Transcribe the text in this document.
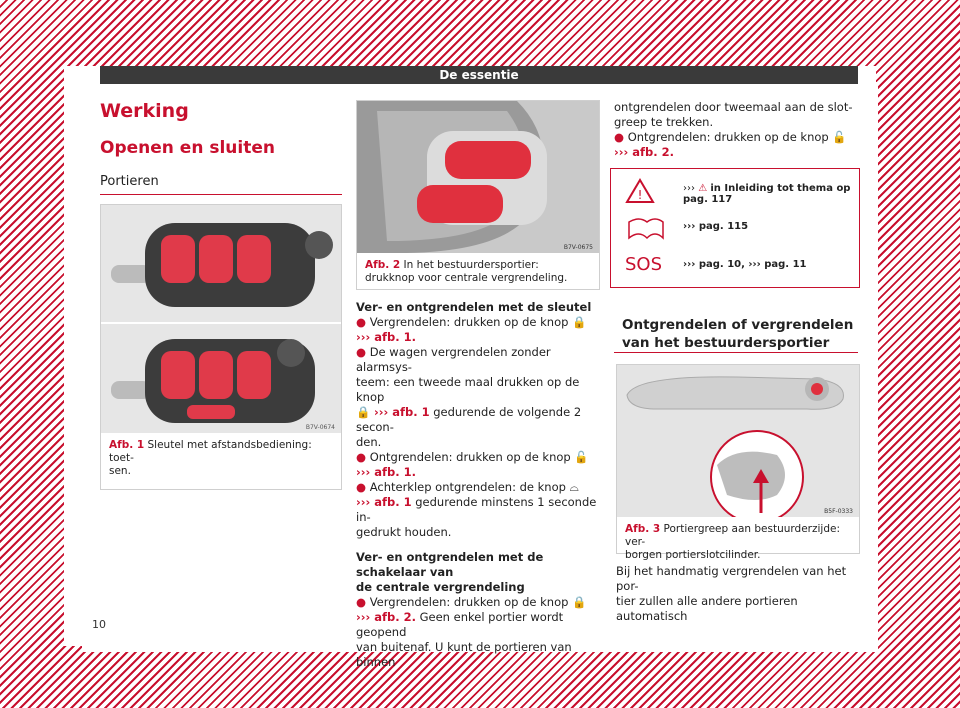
De essentie
Werking
Openen en sluiten
Portieren
B7V-0674
Afb. 1 Sleutel met afstandsbediening: toet-
sen.
10
B7V-0675
Afb. 2 In het bestuurdersportier: drukknop voor centrale vergrendeling.
Ver- en ontgrendelen met de sleutel
● Vergrendelen: drukken op de knop 🔒
››› afb. 1.
● De wagen vergrendelen zonder alarmsys-
teem: een tweede maal drukken op de knop
🔒 ››› afb. 1 gedurende de volgende 2 secon-
den.
● Ontgrendelen: drukken op de knop 🔓
››› afb. 1.
● Achterklep ontgrendelen: de knop ⌓
››› afb. 1 gedurende minstens 1 seconde in-
gedrukt houden.
Ver- en ontgrendelen met de schakelaar van
de centrale vergrendeling
● Vergrendelen: drukken op de knop 🔒
››› afb. 2. Geen enkel portier wordt geopend
van buitenaf. U kunt de portieren van binnen
ontgrendelen door tweemaal aan de slot-
greep te trekken.
● Ontgrendelen: drukken op de knop 🔓
››› afb. 2.
!	››› ⚠ in Inleiding tot thema op pag. 117
››› pag. 115
SOS ››› pag. 10, ››› pag. 11
Ontgrendelen of vergrendelen van het bestuurdersportier
B5F-0333
Afb. 3 Portiergreep aan bestuurderzijde: ver-
borgen portierslotcilinder.
Bij het handmatig vergrendelen van het por-
tier zullen alle andere portieren automatisch
